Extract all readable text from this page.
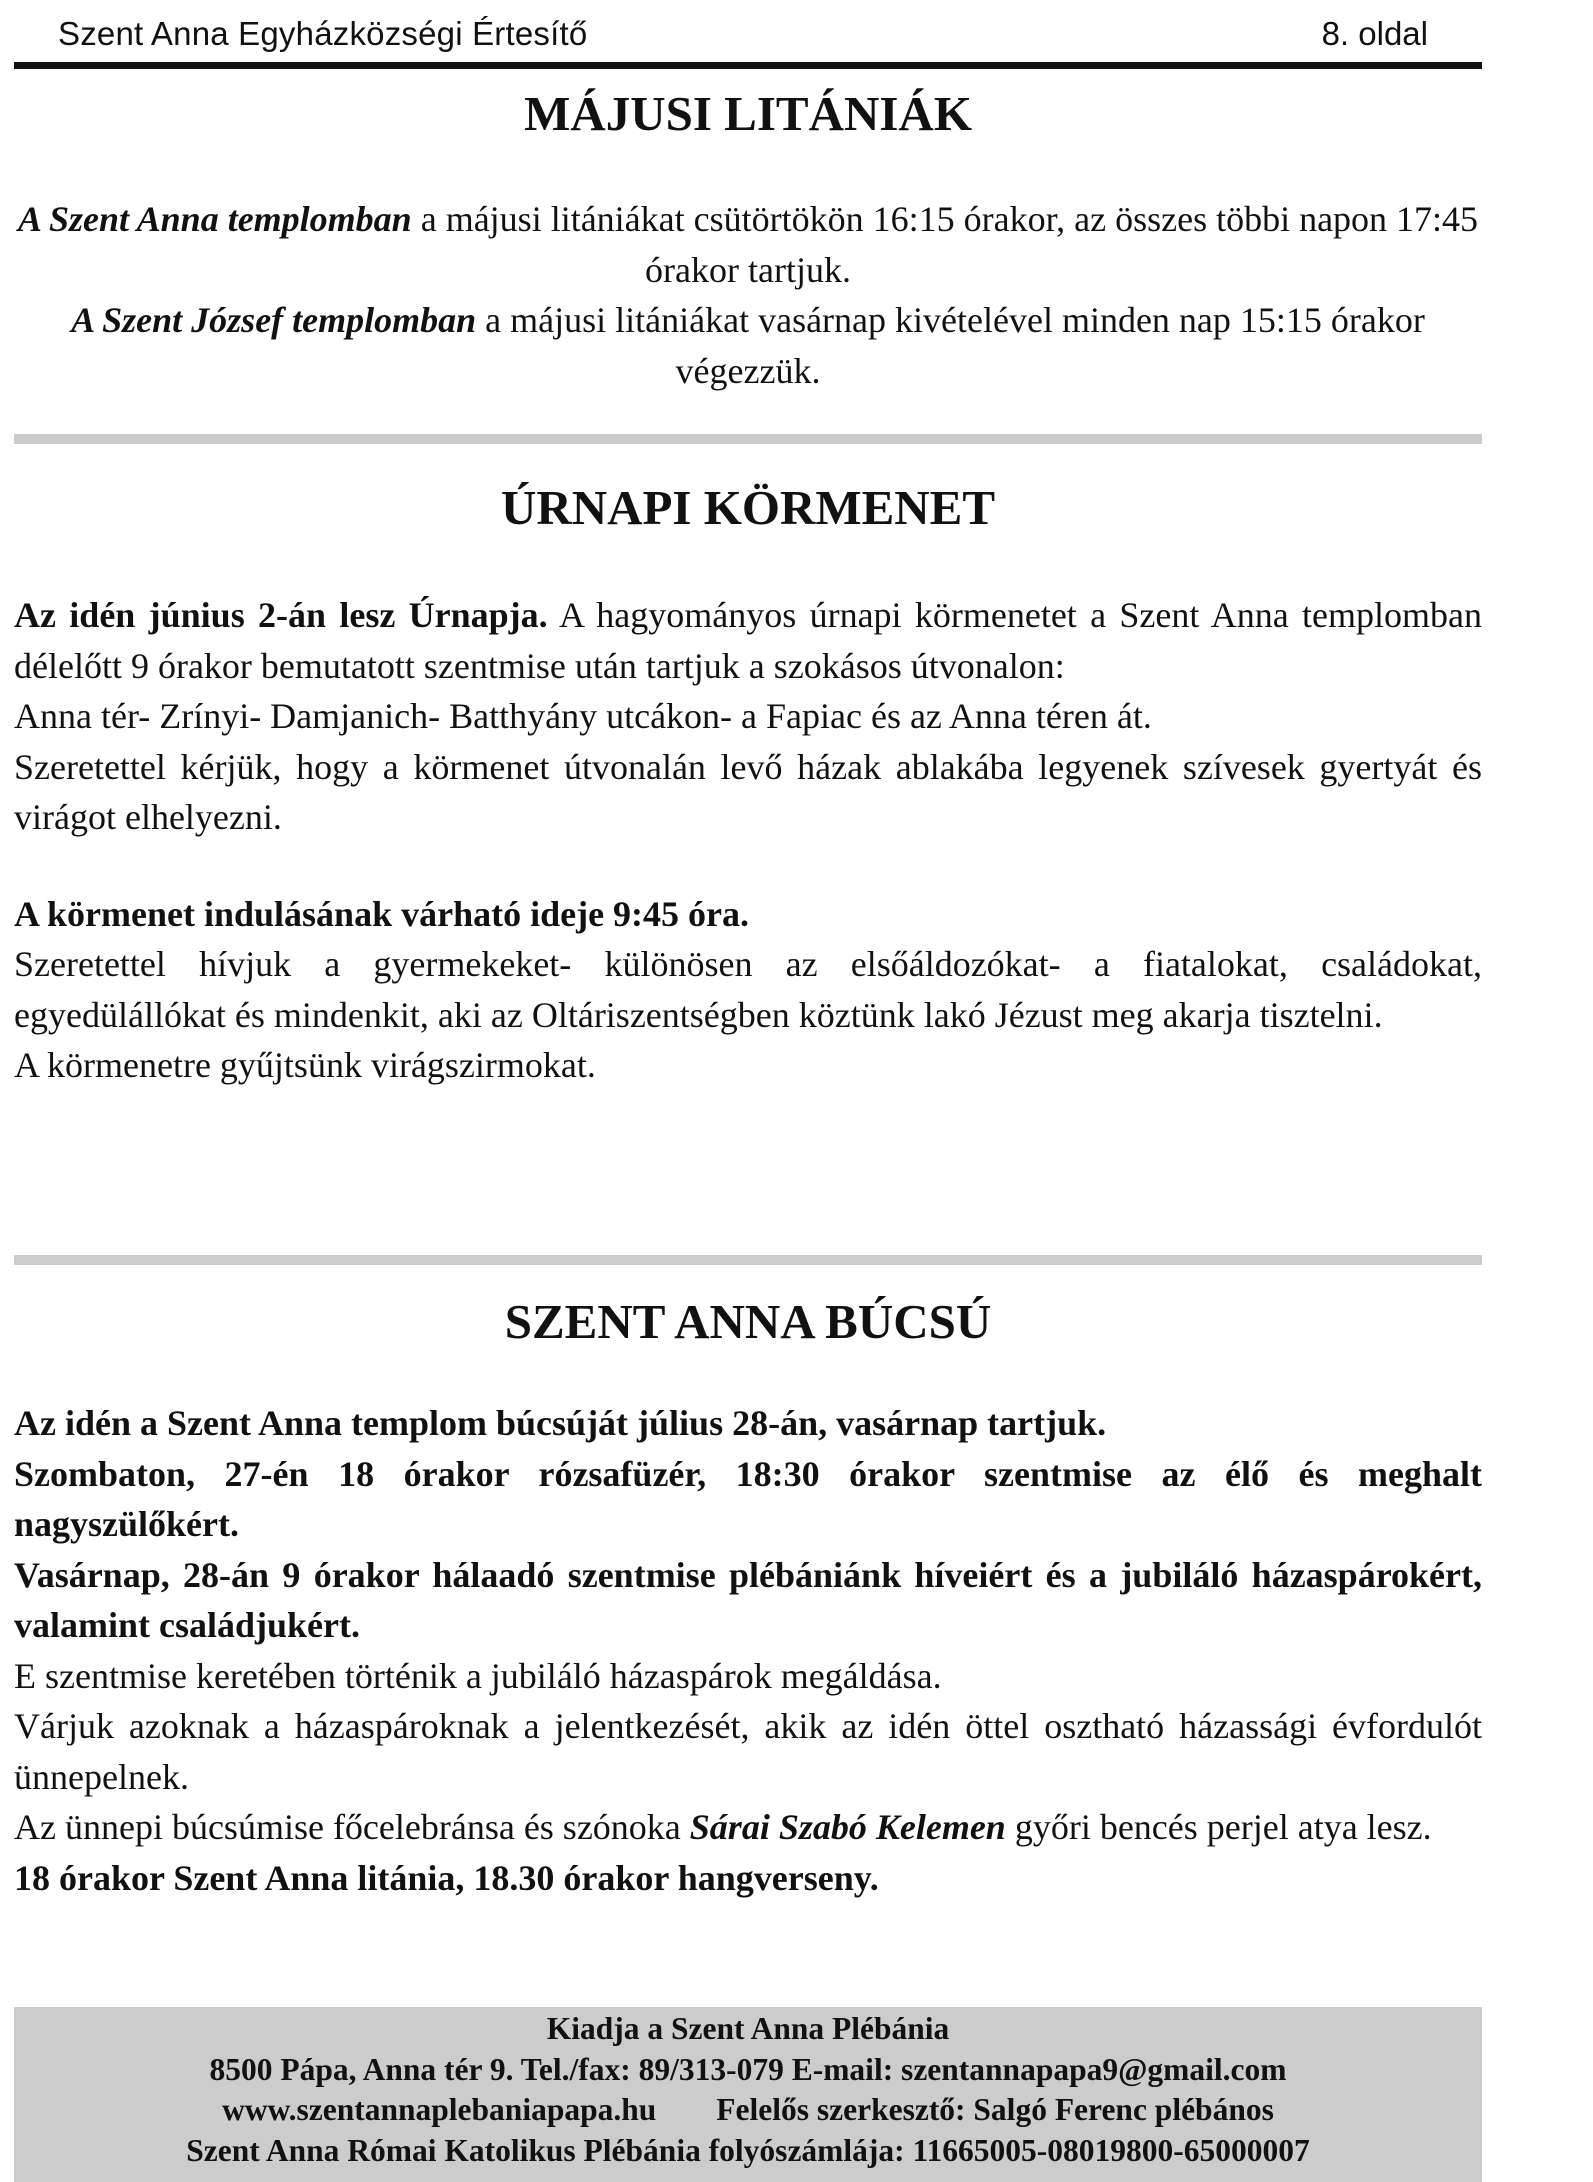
Szent Anna Egyházközségi Értesítő	8. oldal
MÁJUSI LITÁNIÁK

A Szent Anna templomban a májusi litániákat csütörtökön 16:15 órakor, az összes többi napon 17:45 órakor tartjuk.

A Szent József templomban a májusi litániákat vasárnap kivételével minden nap 15:15 órakor végezzük.

ÚRNAPI KÖRMENET

Az idén június 2-án lesz Úrnapja. A hagyományos úrnapi körmenetet a Szent Anna templomban délelőtt 9 órakor bemutatott szentmise után tartjuk a szokásos útvonalon:

Anna tér- Zrínyi- Damjanich- Batthyány utcákon- a Fapiac és az Anna téren át.

Szeretettel kérjük, hogy a körmenet útvonalán levő házak ablakába legyenek szívesek gyertyát és virágot elhelyezni.

A körmenet indulásának várható ideje 9:45 óra.

Szeretettel hívjuk a gyermekeket- különösen az elsőáldozókat- a fiatalokat, családokat, egyedülállókat és mindenkit, aki az Oltáriszentségben köztünk lakó Jézust meg akarja tisztelni.

A körmenetre gyűjtsünk virágszirmokat.

SZENT ANNA BÚCSÚ

Az idén a Szent Anna templom búcsúját július 28-án, vasárnap tartjuk.

Szombaton, 27-én 18 órakor rózsafüzér, 18:30 órakor szentmise az élő és meghalt nagyszülőkért.

Vasárnap, 28-án 9 órakor hálaadó szentmise plébániánk híveiért és a jubiláló házaspárokért, valamint családjukért.

E szentmise keretében történik a jubiláló házaspárok megáldása.

Várjuk azoknak a házaspároknak a jelentkezését, akik az idén öttel osztható házassági évfordulót ünnepelnek.

Az ünnepi búcsúmise főcelebránsa és szónoka Sárai Szabó Kelemen győri bencés perjel atya lesz.

18 órakor Szent Anna litánia, 18.30 órakor hangverseny.

Kiadja a Szent Anna Plébánia
8500 Pápa, Anna tér 9. Tel./fax: 89/313-079 E-mail: szentannapapa9@gmail.com
www.szentannaplebaniapapa.hu Felelős szerkesztő: Salgó Ferenc plébános
Szent Anna Római Katolikus Plébánia folyószámlája: 11665005-08019800-65000007
